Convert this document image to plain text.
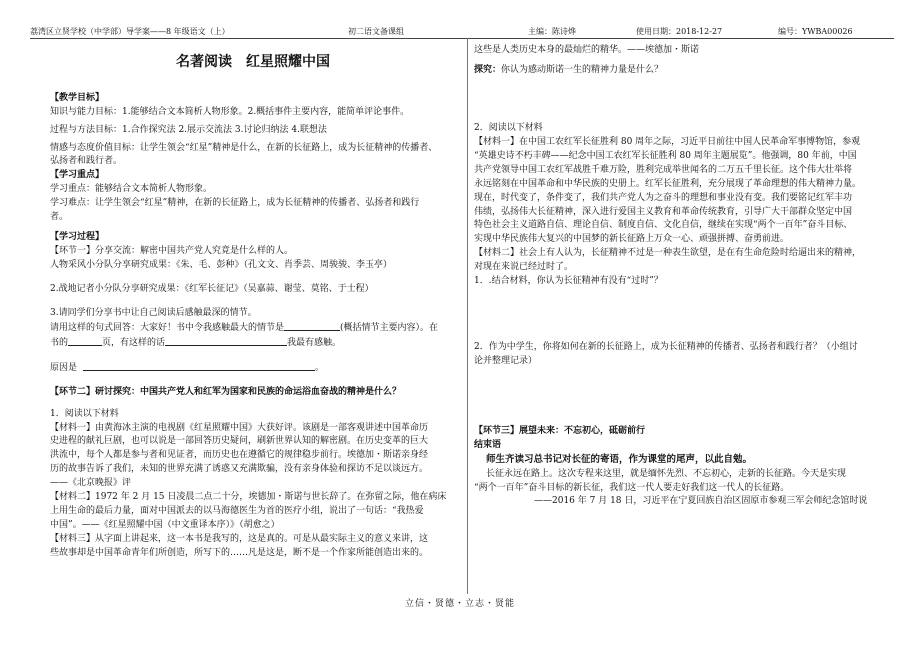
荔湾区立贤学校（中学部）导学案——8 年级语文（上）	初二语文备课组	主编：陈诗烨	使用日期：2018-12-27	编号：YWBA00026

名著阅读　红星照耀中国

【教学目标】

知识与能力目标：1.能够结合文本简析人物形象。2.概括事件主要内容，能简单评论事件。

过程与方法目标：1.合作探究法 2.展示交流法 3.讨论归纳法 4.联想法

情感与态度价值目标：让学生领会“红星”精神是什么，在新的长征路上，成为长征精神的传播者、

弘扬者和践行者。

【学习重点】

学习重点：能够结合文本简析人物形象。

学习难点：让学生领会“红星”精神，在新的长征路上，成为长征精神的传播者、弘扬者和践行

者。

【学习过程】

【环节一】分享交流：解密中国共产党人究竟是什么样的人。

人物采风小分队分享研究成果：《朱、毛、彭种》（孔文文、肖季芸、周骏骏、李玉亭）

2.战地记者小分队分享研究成果：《红军长征记》（吴嘉蒜、谢莹、莫铭、于士程）

3.请同学们分享书中让自己阅读后感触最深的情节。

请用这样的句式回答：大家好！书中令我感触最大的情节是	(概括情节主要内容）。在

书的	页，有这样的话	我最有感触。

原因是	。

【环节二】研讨探究：中国共产党人和红军为国家和民族的命运浴血奋战的精神是什么？

1．阅读以下材料

【材料一】由黄海冰主演的电视剧《红星照耀中国》大获好评。该剧是一部客观讲述中国革命历

史进程的献礼巨剧，也可以说是一部回答历史疑问，刷新世界认知的解密剧。在历史变革的巨大

洪流中，每个人都是参与者和见证者，而历史也在遵循它的规律稳步前行。埃德加・斯诺亲身经

历的故事告诉了我们，未知的世界充满了诱惑又充满欺骗，没有亲身体验和探访不足以谈远方。

——《北京晚报》评

【材料二】1972 年 2 月 15 日凌晨二点二十分，埃德加・斯诺与世长辞了。在弥留之际，他在病床

上用生命的最后力量，面对中国派去的以马海德医生为首的医疗小组，说出了一句话：“我热爱

中国”。——《红星照耀中国（中文重译本序）》（胡愈之）

【材料三】从字面上讲起来，这一本书是我写的，这是真的。可是从最实际主义的意义来讲，这

些故事却是中国革命青年们所创造，所写下的……凡是这是，断不是一个作家所能创造出来的。

这些是人类历史本身的最灿烂的精华。——埃德加・斯诺

探究：你认为感动斯诺一生的精神力量是什么？

2．阅读以下材料

【材料一】在中国工农红军长征胜利 80 周年之际，习近平日前往中国人民革命军事博物馆，参观

“英雄史诗不朽丰碑——纪念中国工农红军长征胜利 80 周年主题展览”。他强调，80 年前，中国

共产党领导中国工农红军战胜千难万险，胜利完成举世闻名的二万五千里长征。这个伟大壮举将

永远铭刻在中国革命和中华民族的史册上。红军长征胜利，充分展现了革命理想的伟大精神力量。

现在，时代变了，条件变了，我们共产党人为之奋斗的理想和事业没有变。我们要铭记红军丰功

伟绩，弘扬伟大长征精神，深入进行爱国主义教育和革命传统教育，引导广大干部群众坚定中国

特色社会主义道路自信、理论自信、制度自信、文化自信，继续在实现“两个一百年”奋斗目标、

实现中华民族伟大复兴的中国梦的新长征路上万众一心、顽强拼搏、奋勇前进。

【材料二】社会上有人认为，长征精神不过是一种表生欲望，是在有生命危险时给逼出来的精神，

对现在来说已经过时了。

1．.结合材料，你认为长征精神有没有“过时”？

2．作为中学生，你将如何在新的长征路上，成为长征精神的传播者、弘扬者和践行者？（小组讨

论并整理记录）

【环节三】展望未来：不忘初心，砥砺前行

结束语

师生齐读习总书记对长征的寄语，作为课堂的尾声，以此自勉。

长征永远在路上。这次专程来这里，就是缅怀先烈、不忘初心，走新的长征路。今天是实现

“两个一百年”奋斗目标的新长征，我们这一代人要走好我们这一代人的长征路。

——2016 年 7 月 18 日，习近平在宁夏回族自治区固原市参观三军会师纪念馆时说

立信・贤德・立志・贤能
